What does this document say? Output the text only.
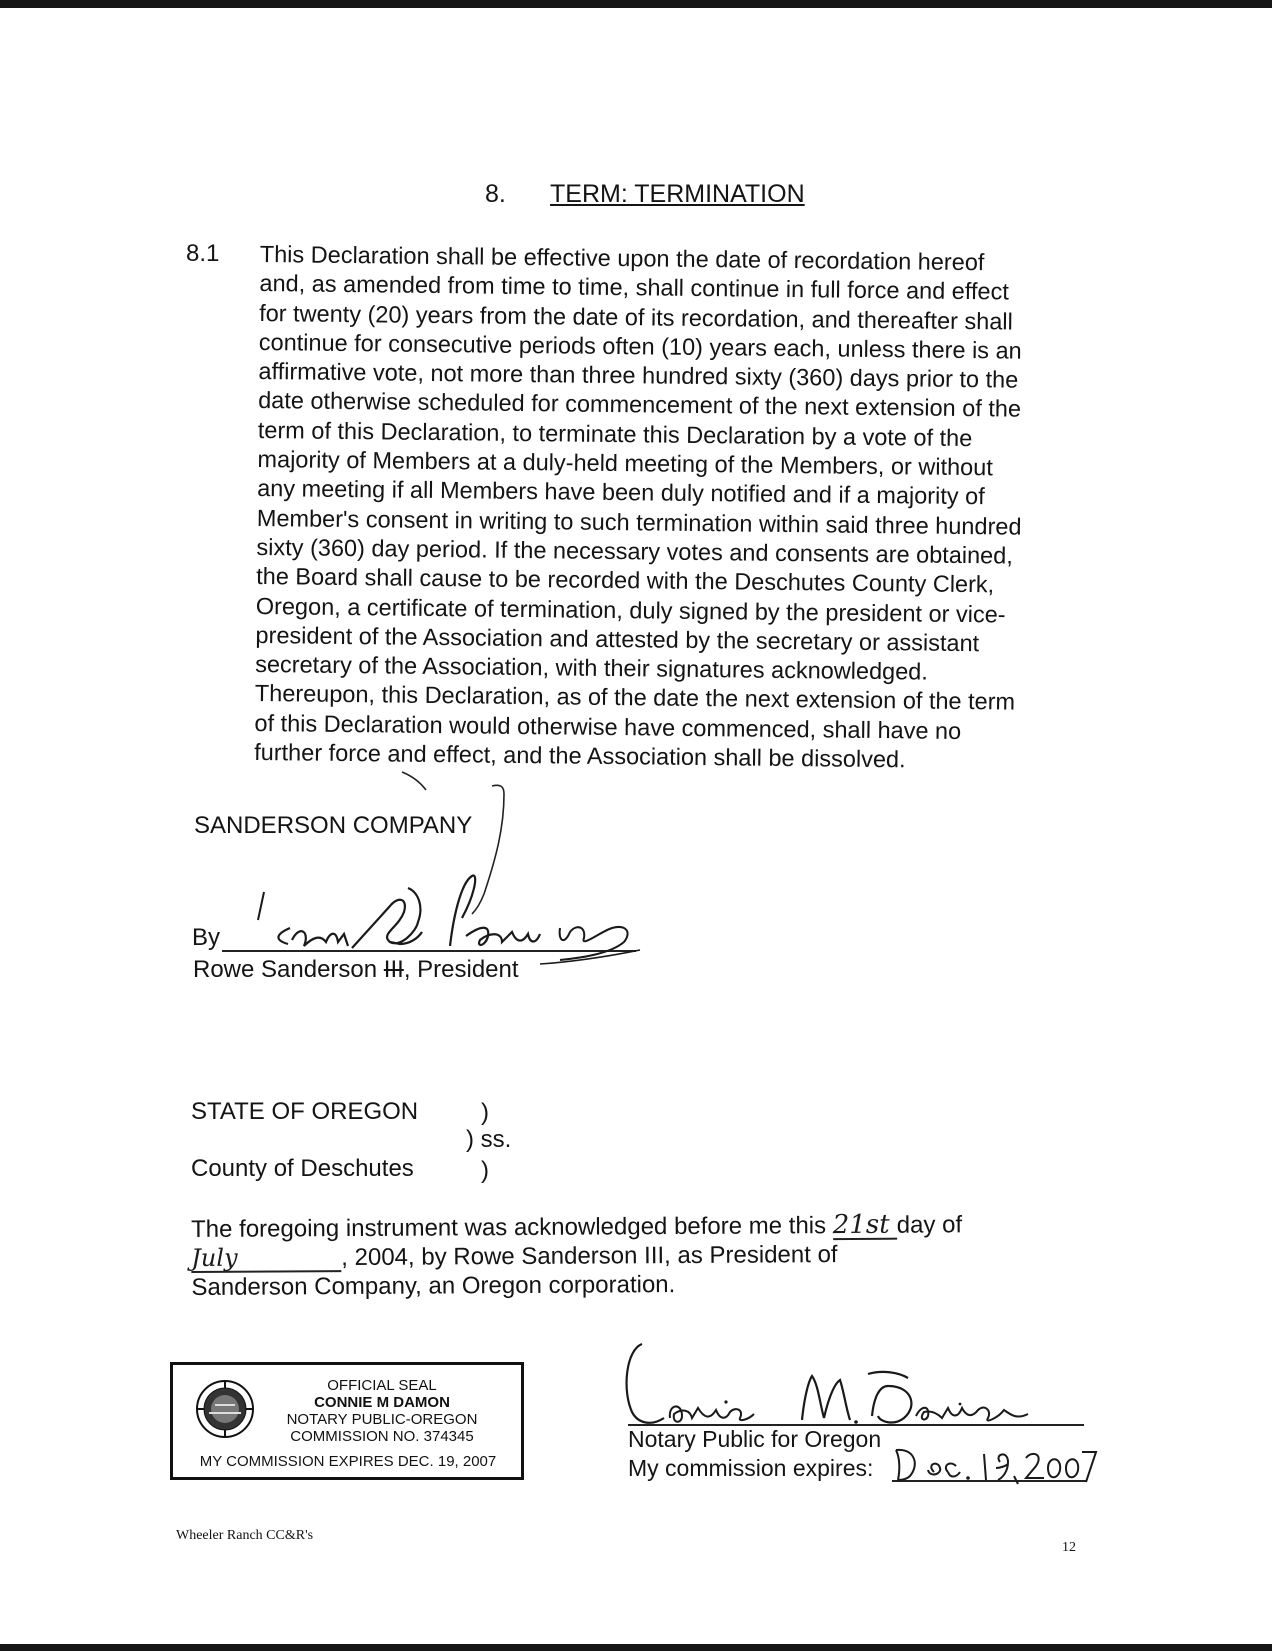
8. TERM: TERMINATION
8.1 This Declaration shall be effective upon the date of recordation hereof
and, as amended from time to time, shall continue in full force and effect
for twenty (20) years from the date of its recordation, and thereafter shall
continue for consecutive periods often (10) years each, unless there is an
affirmative vote, not more than three hundred sixty (360) days prior to the
date otherwise scheduled for commencement of the next extension of the
term of this Declaration, to terminate this Declaration by a vote of the
majority of Members at a duly-held meeting of the Members, or without
any meeting if all Members have been duly notified and if a majority of
Member's consent in writing to such termination within said three hundred
sixty (360) day period. If the necessary votes and consents are obtained,
the Board shall cause to be recorded with the Deschutes County Clerk,
Oregon, a certificate of termination, duly signed by the president or vice-
president of the Association and attested by the secretary or assistant
secretary of the Association, with their signatures acknowledged.
Thereupon, this Declaration, as of the date the next extension of the term
of this Declaration would otherwise have commenced, shall have no
further force and effect, and the Association shall be dissolved.
SANDERSON COMPANY
By
Rowe Sanderson III, President
STATE OF OREGON
County of Deschutes
)
) ss.
)
The foregoing instrument was acknowledged before me this 21st day of
July	, 2004, by Rowe Sanderson III, as President of
Sanderson Company, an Oregon corporation.
OFFICIAL SEAL
CONNIE M DAMON
NOTARY PUBLIC-OREGON
COMMISSION NO. 374345
MY COMMISSION EXPIRES DEC. 19, 2007
Notary Public for Oregon
My commission expires:
Wheeler Ranch CC&R's
12
